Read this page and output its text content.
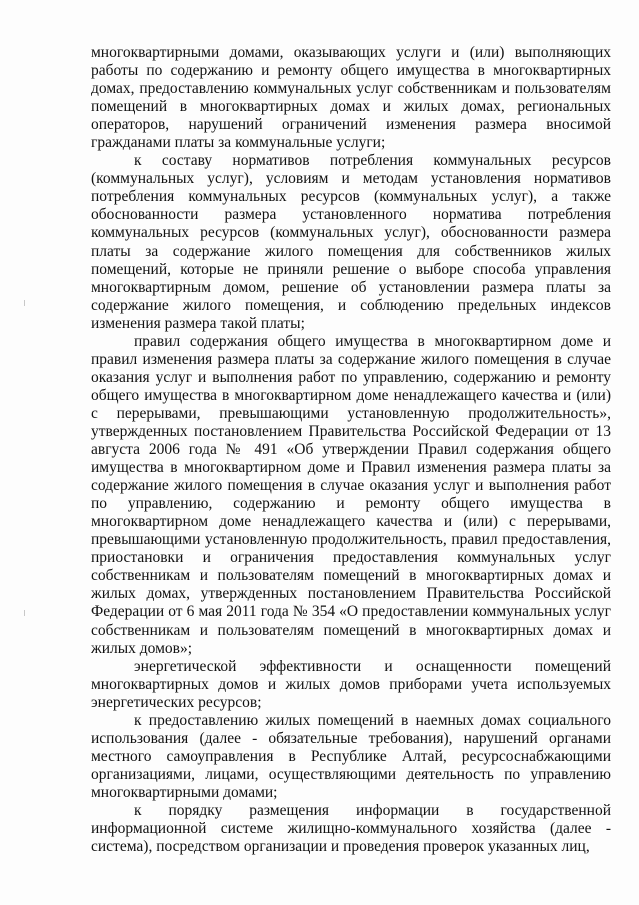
многоквартирными домами, оказывающих услуги и (или) выполняющих работы по содержанию и ремонту общего имущества в многоквартирных домах, предоставлению коммунальных услуг собственникам и пользователям помещений в многоквартирных домах и жилых домах, региональных операторов, нарушений ограничений изменения размера вносимой гражданами платы за коммунальные услуги;

к составу нормативов потребления коммунальных ресурсов (коммунальных услуг), условиям и методам установления нормативов потребления коммунальных ресурсов (коммунальных услуг), а также обоснованности размера установленного норматива потребления коммунальных ресурсов (коммунальных услуг), обоснованности размера платы за содержание жилого помещения для собственников жилых помещений, которые не приняли решение о выборе способа управления многоквартирным домом, решение об установлении размера платы за содержание жилого помещения, и соблюдению предельных индексов изменения размера такой платы;

правил содержания общего имущества в многоквартирном доме и правил изменения размера платы за содержание жилого помещения в случае оказания услуг и выполнения работ по управлению, содержанию и ремонту общего имущества в многоквартирном доме ненадлежащего качества и (или) с перерывами, превышающими установленную продолжительность», утвержденных постановлением Правительства Российской Федерации от 13 августа 2006 года № 491 «Об утверждении Правил содержания общего имущества в многоквартирном доме и Правил изменения размера платы за содержание жилого помещения в случае оказания услуг и выполнения работ по управлению, содержанию и ремонту общего имущества в многоквартирном доме ненадлежащего качества и (или) с перерывами, превышающими установленную продолжительность, правил предоставления, приостановки и ограничения предоставления коммунальных услуг собственникам и пользователям помещений в многоквартирных домах и жилых домах, утвержденных постановлением Правительства Российской Федерации от 6 мая 2011 года № 354 «О предоставлении коммунальных услуг собственникам и пользователям помещений в многоквартирных домах и жилых домов»;

энергетической эффективности и оснащенности помещений многоквартирных домов и жилых домов приборами учета используемых энергетических ресурсов;

к предоставлению жилых помещений в наемных домах социального использования (далее - обязательные требования), нарушений органами местного самоуправления в Республике Алтай, ресурсоснабжающими организациями, лицами, осуществляющими деятельность по управлению многоквартирными домами;

к порядку размещения информации в государственной информационной системе жилищно-коммунального хозяйства (далее - система), посредством организации и проведения проверок указанных лиц,
